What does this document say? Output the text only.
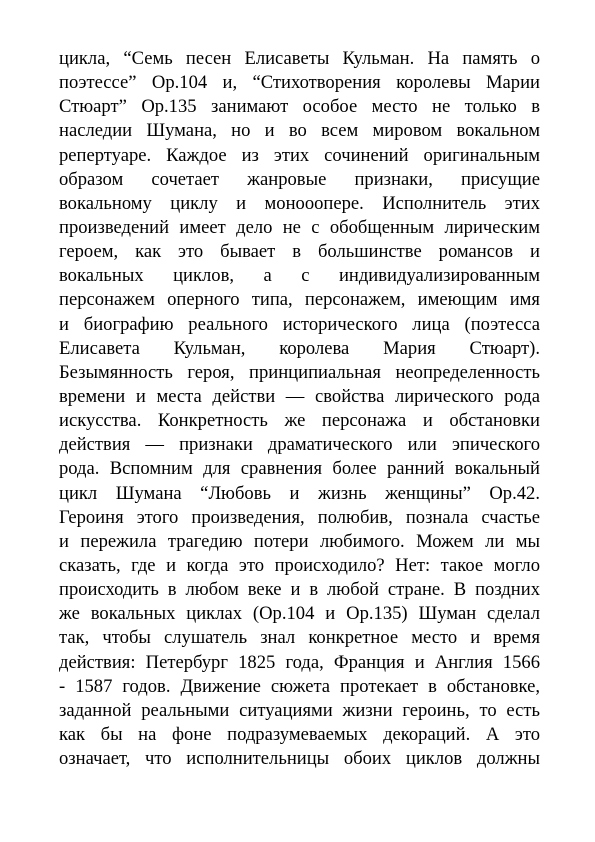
цикла, “Семь песен Елисаветы Кульман. На память о
поэтессе” Op.104 и, “Стихотворения королевы Марии
Стюарт” Op.135 занимают особое место не только в
наследии Шумана, но и во всем мировом вокальном
репертуаре. Каждое из этих сочинений оригинальным
образом сочетает жанровые признаки, присущие
вокальному циклу и монооопере. Исполнитель этих
произведений имеет дело не с обобщенным лирическим
героем, как это бывает в большинстве романсов и
вокальных циклов, а с индивидуализированным
персонажем оперного типа, персонажем, имеющим имя
и биографию реального исторического лица (поэтесса
Елисавета Кульман, королева Мария Стюарт).
Безымянность героя, принципиальная неопределенность
времени и места действи — свойства лирического рода
искусства. Конкретность же персонажа и обстановки
действия — признаки драматического или эпического
рода. Вспомним для сравнения более ранний вокальный
цикл Шумана “Любовь и жизнь женщины” Op.42.
Героиня этого произведения, полюбив, познала счастье
и пережила трагедию потери любимого. Можем ли мы
сказать, где и когда это происходило? Нет: такое могло
происходить в любом веке и в любой стране. В поздних
же вокальных циклах (Op.104 и Op.135) Шуман сделал
так, чтобы слушатель знал конкретное место и время
действия: Петербург 1825 года, Франция и Англия 1566
- 1587 годов. Движение сюжета протекает в обстановке,
заданной реальными ситуациями жизни героинь, то есть
как бы на фоне подразумеваемых декораций. А это
означает, что исполнительницы обоих циклов должны
